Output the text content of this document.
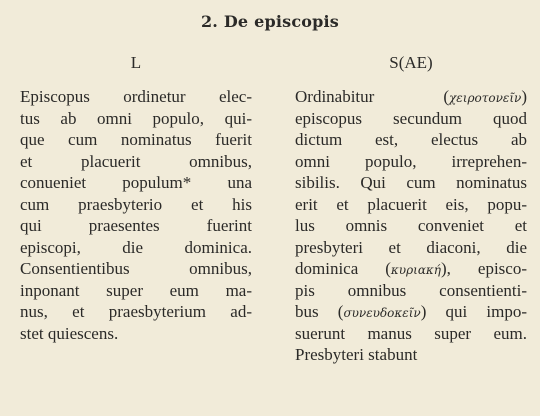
2. De episcopis
L
Episcopus ordinetur elec-
tus ab omni populo, qui-
que cum nominatus fuerit
et placuerit omnibus,
conueniet populum* una
cum praesbyterio et his
qui praesentes fuerint
episcopi, die dominica.
Consentientibus omnibus,
inponant super eum ma-
nus, et praesbyterium ad-
stet quiescens.
S(AE)
Ordinabitur (χειροτονεῖν)
episcopus secundum quod
dictum est, electus ab
omni populo, irreprehen-
sibilis. Qui cum nominatus
erit et placuerit eis, popu-
lus omnis conveniet et
presbyteri et diaconi, die
dominica (κυριακή), episco-
pis omnibus consentienti-
bus (συνευδοκεῖν) qui impo-
suerunt manus super eum.
Presbyteri stabunt
